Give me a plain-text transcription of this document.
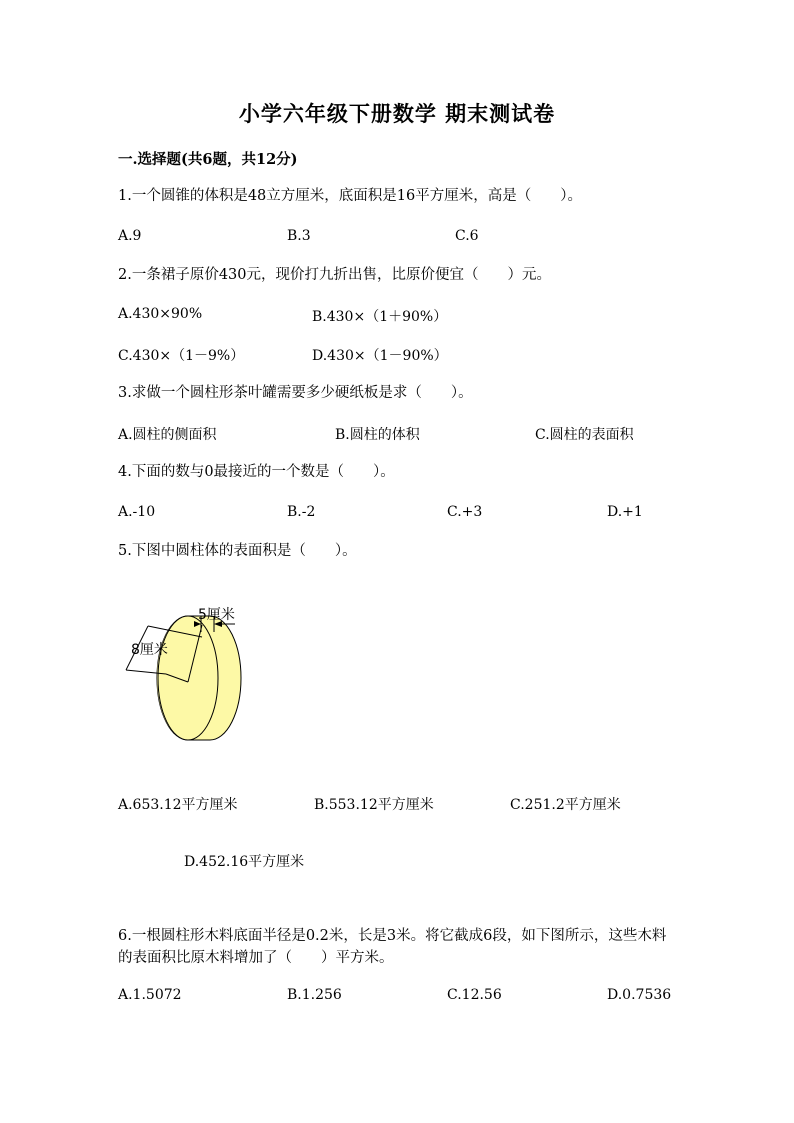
小学六年级下册数学 期末测试卷
一.选择题(共6题，共12分)
1.一个圆锥的体积是48立方厘米，底面积是16平方厘米，高是（　　）。
A.9	B.3	C.6
2.一条裙子原价430元，现价打九折出售，比原价便宜（　　）元。
A.430×90%	B.430×（1＋90%）
C.430×（1－9%）	D.430×（1－90%）
3.求做一个圆柱形茶叶罐需要多少硬纸板是求（　　）。
A.圆柱的侧面积	B.圆柱的体积	C.圆柱的表面积
4.下面的数与0最接近的一个数是（　　）。
A.-10	B.-2	C.+3	D.+1
5.下图中圆柱体的表面积是（　　）。
5厘米
8厘米
A.653.12平方厘米	B.553.12平方厘米	C.251.2平方厘米
D.452.16平方厘米
6.一根圆柱形木料底面半径是0.2米，长是3米。将它截成6段，如下图所示，这些木料的表面积比原木料增加了（　　）平方米。
A.1.5072	B.1.256	C.12.56	D.0.7536
